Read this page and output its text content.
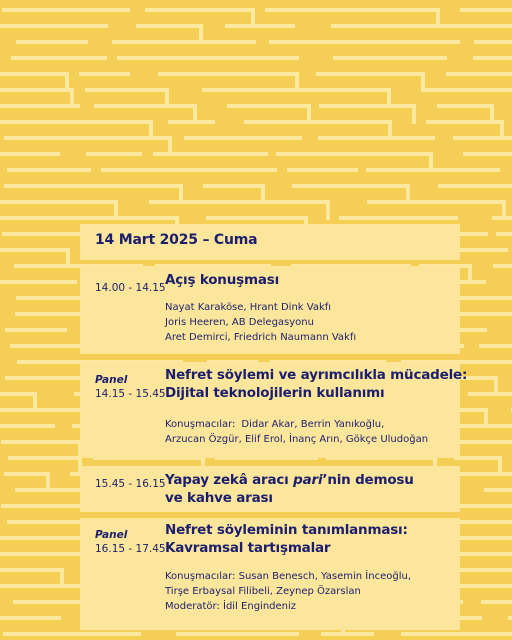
14 Mart 2025 – Cuma
14.00 - 14.15 Açış konuşması
Nayat Karaköse, Hrant Dink Vakfı
Joris Heeren, AB Delegasyonu
Aret Demirci, Friedrich Naumann Vakfı
Panel
14.15 - 15.45
Nefret söylemi ve ayrımcılıkla mücadele:
Dijital teknolojilerin kullanımı
Konuşmacılar: Didar Akar, Berrin Yanıkoğlu,
Arzucan Özgür, Elif Erol, İnanç Arın, Gökçe Uludoğan
15.45 - 16.15 Yapay zekâ aracı pari’nin demosu
ve kahve arası
Panel
16.15 - 17.45
Nefret söyleminin tanımlanması:
Kavramsal tartışmalar
Konuşmacılar: Susan Benesch, Yasemin İnceoğlu,
Tirşe Erbaysal Filibeli, Zeynep Özarslan
Moderatör: İdil Engindeniz
